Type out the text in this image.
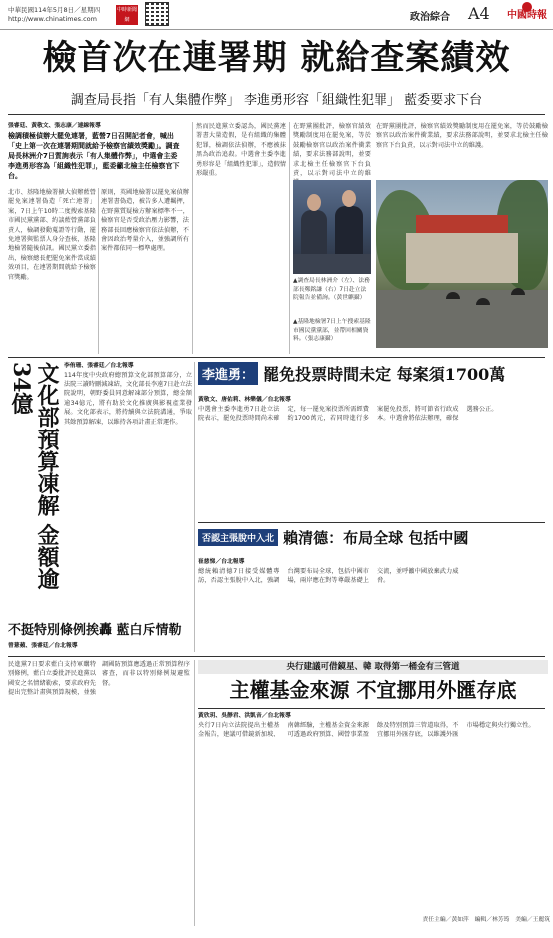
中華民國114年5月8日／星期四
http://www.chinatimes.com
中時新聞網	政治綜合 A4 中國時報
檢首次在連署期 就給查案績效
調查局長指「有人集體作弊」 李進勇形容「組織性犯罪」 藍委要求下台
張睿廷、黃敬文、張志康／連線報導
檢調積極偵辦大罷免連署，藍營7日召開記者會，喊出「史上第一次在連署期間就給予檢察官績效獎勵」。調查局長林洲介7日質詢表示「有人集體作弊」，中選會主委李進勇形容為「組織性犯罪」，藍委籲北檢主任檢察官下台。
北市、基隆地檢署擴大偵辦藍營罷免案連署偽造「死亡連署」案，7日上午10時二度搜索基隆市國民黨黨部、約談藍營黨部負責人，檢調發動蒐證等行動，罷免連署與監票人身分查核，基隆地檢署隨後偵訊。國民黨立委指出，檢察總長把罷免案件當成績效項目，在連署期間就給予檢察官獎勵。
原則，英國地檢署以罷免案偵辦連署書偽造，被告多人遭羈押，在野黨質疑檢方辦案標準不一，檢察官是否受政治壓力影響，法務部長回應檢察官依法偵辦，不會因政治考量介入，並強調所有案件都依同一標準處理。
然而民進黨立委認為，國民黨連署書大量造假，是有組織的集體犯罪，檢調依法偵辦，不應被抹黑為政治追殺。中選會主委李進勇形容是「組織性犯罪」，造假情形嚴重。
在野黨團批評，檢察官績效獎勵制度用在罷免案，等於鼓勵檢察官以政治案件衝業績，要求法務部說明，並要求北檢主任檢察官下台負責，以示對司法中立的維
在野黨團批評，檢察官績效獎勵制度用在罷免案，等於鼓勵檢察官以政治案件衝業績，要求法務部說明，並要求北檢主任檢察官下台負責，以示對司法中立的維護。
▲調查局長林洲介（左）、法務部長鄭銘謙（右）7日赴立法院報告並備詢。（黃世麒攝）
▲基隆地檢署7日上午搜索基隆市國民黨黨部，並帶回相關資料。（張志康攝）
文化部預算凍解 金額逾34億	李侑珊、張睿廷／台北報導
114年度中央政府總預算文化部預算部分，立法院三讀時刪減凍結，文化部長李遠7日赴立法院說明，朝野委員同意解凍部分預算，總金額逾34億元，將有助於文化推廣與影視產業發展。文化部表示，將持續與立法院溝通，爭取其餘預算解凍，以維持各項計畫正常運作。
不挺特別條例挨轟 藍白斥情勒
曾薏蘋、張睿廷／台北報導
李進勇： 罷免投票時間未定 每案須1700萬
黃敬文、唐佑莉、林樂儀／台北報導
中選會主委李進勇7日赴立法院表示，罷免投票時間尚未確定，每一罷免案投票所需經費約1700萬元，若同時進行多案罷免投票，將可節省行政成本。中選會將依法辦理，確保選務公正。
否認主張脫中入北 賴清德：布局全球 包括中國
崔慈悌／台北報導
總統賴清德7日接受媒體專訪，否認主張脫中入北，強調台灣要布局全球，包括中國市場，兩岸應在對等尊嚴基礎上交流，並呼籲中國放棄武力威脅。
民進黨7日要求藍白支持軍購特別條例，藍白立委批評民進黨以國安之名情緒勒索，要求政府先提出完整計畫與預算規模，並強調國防預算應透過正常預算程序審查，而非以特別條例規避監督。
央行建議可借鏡星、韓 取得第一桶金有三管道
主權基金來源 不宜挪用外匯存底
黃欣玥、吳靜君、洪凱音／台北報導
央行7日向立法院提出主權基金報告，建議可借鏡新加坡、南韓經驗，主權基金資金來源可透過政府預算、國營事業盈餘及特別預算三管道取得，不宜挪用外匯存底，以維護外匯市場穩定與央行獨立性。
責任主編／黃如萍　編輯／林芳筠　美編／王麗筑
